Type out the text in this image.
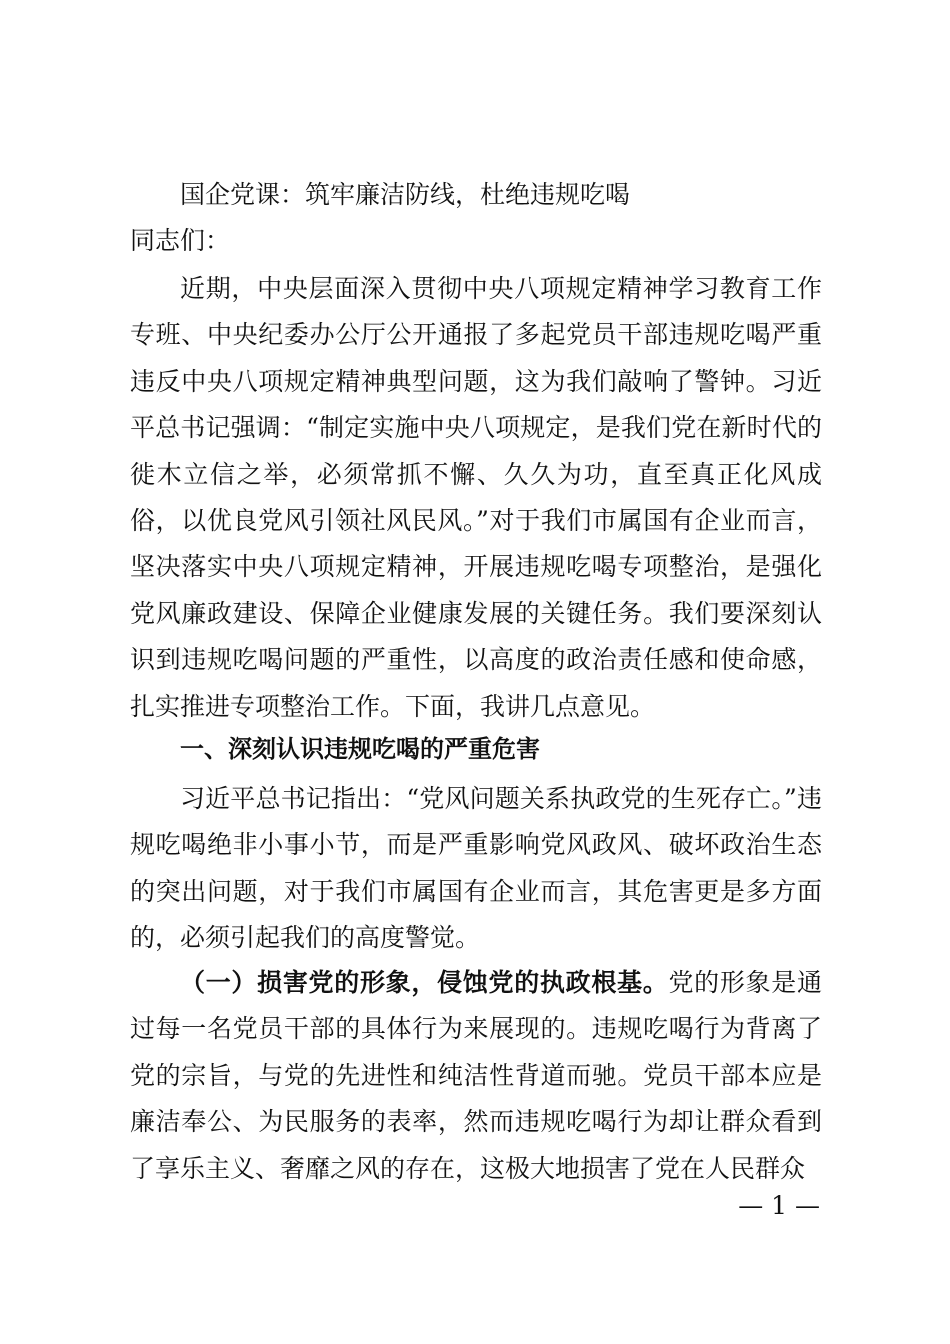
国企党课：筑牢廉洁防线，杜绝违规吃喝
同志们：

近期，中央层面深入贯彻中央八项规定精神学习教育工作专班、中央纪委办公厅公开通报了多起党员干部违规吃喝严重违反中央八项规定精神典型问题，这为我们敲响了警钟。习近平总书记强调：“制定实施中央八项规定，是我们党在新时代的徙木立信之举，必须常抓不懈、久久为功，直至真正化风成俗，以优良党风引领社风民风。”对于我们市属国有企业而言，坚决落实中央八项规定精神，开展违规吃喝专项整治，是强化党风廉政建设、保障企业健康发展的关键任务。我们要深刻认识到违规吃喝问题的严重性，以高度的政治责任感和使命感，扎实推进专项整治工作。下面，我讲几点意见。

一、深刻认识违规吃喝的严重危害

习近平总书记指出：“党风问题关系执政党的生死存亡。”违规吃喝绝非小事小节，而是严重影响党风政风、破坏政治生态的突出问题，对于我们市属国有企业而言，其危害更是多方面的，必须引起我们的高度警觉。

（一）损害党的形象，侵蚀党的执政根基。党的形象是通过每一名党员干部的具体行为来展现的。违规吃喝行为背离了党的宗旨，与党的先进性和纯洁性背道而驰。党员干部本应是廉洁奉公、为民服务的表率，然而违规吃喝行为却让群众看到了享乐主义、奢靡之风的存在，这极大地损害了党在人民群众

— 1 —
